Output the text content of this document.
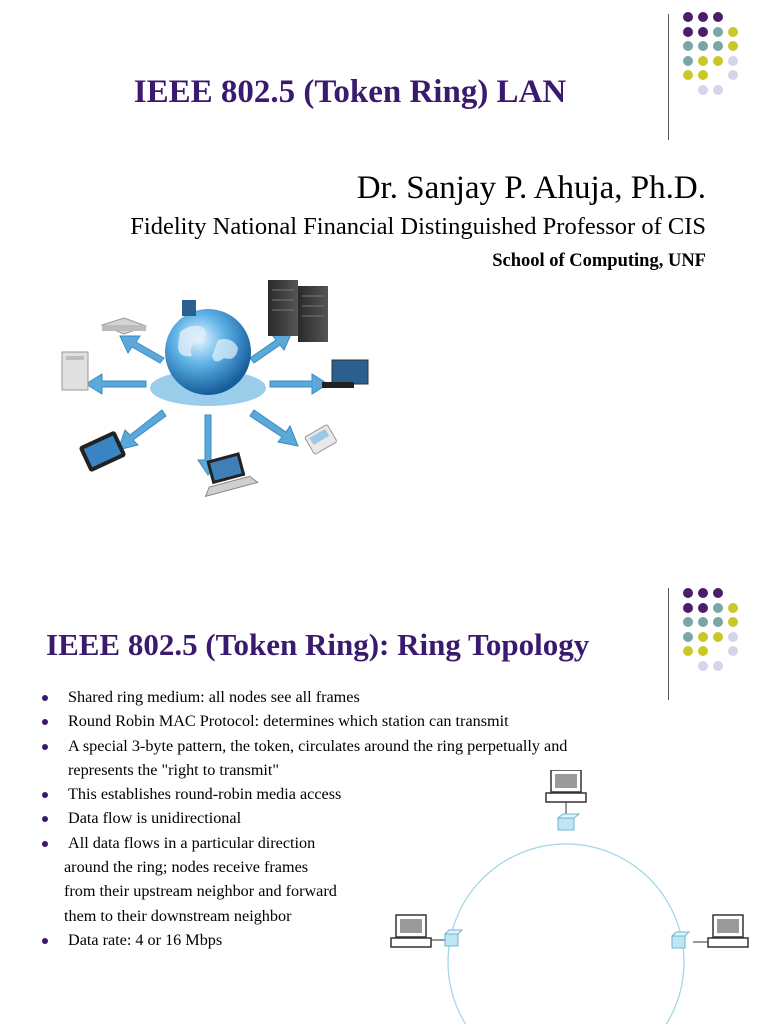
IEEE 802.5 (Token Ring) LAN
Dr. Sanjay P. Ahuja, Ph.D.
Fidelity National Financial Distinguished Professor of CIS
School of Computing, UNF
IEEE 802.5 (Token Ring): Ring Topology
Shared ring medium: all nodes see all frames
Round Robin MAC Protocol: determines which station can transmit
A special 3-byte pattern, the token, circulates around the ring perpetually and
represents the "right to transmit"
This establishes round-robin media access
Data flow is unidirectional
All data flows in a particular direction
around the ring; nodes receive frames
from their upstream neighbor and forward
them to their downstream neighbor
Data rate: 4 or 16 Mbps
